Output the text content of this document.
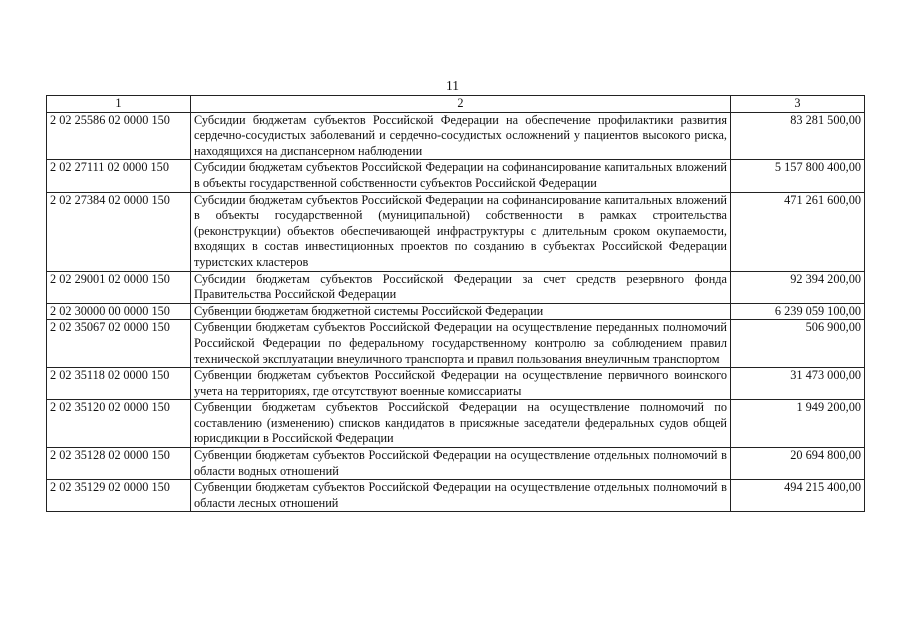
11
1	2	3
2 02 25586 02 0000 150	Субсидии бюджетам субъектов Российской Федерации на обеспечение профилактики развития сердечно-сосудистых заболеваний и сердечно-сосудистых осложнений у пациентов высокого риска, находящихся на диспансерном наблюдении	83 281 500,00
2 02 27111 02 0000 150	Субсидии бюджетам субъектов Российской Федерации на софинансирование капитальных вложений в объекты государственной собственности субъектов Российской Федерации	5 157 800 400,00
2 02 27384 02 0000 150	Субсидии бюджетам субъектов Российской Федерации на софинансирование капитальных вложений в объекты государственной (муниципальной) собственности в рамках строительства (реконструкции) объектов обеспечивающей инфраструктуры с длительным сроком окупаемости, входящих в состав инвестиционных проектов по созданию в субъектах Российской Федерации туристских кластеров	471 261 600,00
2 02 29001 02 0000 150	Субсидии бюджетам субъектов Российской Федерации за счет средств резервного фонда Правительства Российской Федерации	92 394 200,00
2 02 30000 00 0000 150	Субвенции бюджетам бюджетной системы Российской Федерации	6 239 059 100,00
2 02 35067 02 0000 150	Субвенции бюджетам субъектов Российской Федерации на осуществление переданных полномочий Российской Федерации по федеральному государственному контролю за соблюдением правил технической эксплуатации внеуличного транспорта и правил пользования внеуличным транспортом	506 900,00
2 02 35118 02 0000 150	Субвенции бюджетам субъектов Российской Федерации на осуществление первичного воинского учета на территориях, где отсутствуют военные комиссариаты	31 473 000,00
2 02 35120 02 0000 150	Субвенции бюджетам субъектов Российской Федерации на осуществление полномочий по составлению (изменению) списков кандидатов в присяжные заседатели федеральных судов общей юрисдикции в Российской Федерации	1 949 200,00
2 02 35128 02 0000 150	Субвенции бюджетам субъектов Российской Федерации на осуществление отдельных полномочий в области водных отношений	20 694 800,00
2 02 35129 02 0000 150	Субвенции бюджетам субъектов Российской Федерации на осуществление отдельных полномочий в области лесных отношений	494 215 400,00
